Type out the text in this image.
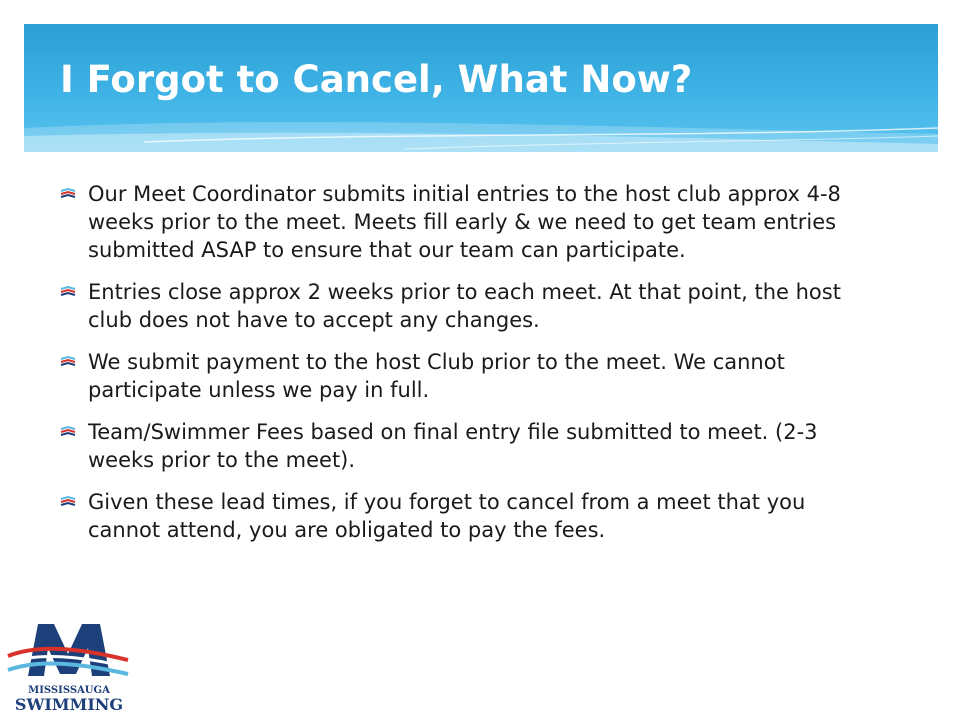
I Forgot to Cancel, What Now?
Our Meet Coordinator submits initial entries to the host club approx 4-8 weeks prior to the meet. Meets fill early & we need to get team entries submitted ASAP to ensure that our team can participate.
Entries close approx 2 weeks prior to each meet. At that point, the host club does not have to accept any changes.
We submit payment to the host Club prior to the meet. We cannot participate unless we pay in full.
Team/Swimmer Fees based on final entry file submitted to meet. (2-3 weeks prior to the meet).
Given these lead times, if you forget to cancel from a meet that you cannot attend, you are obligated to pay the fees.
MISSISSAUGA
SWIMMING
